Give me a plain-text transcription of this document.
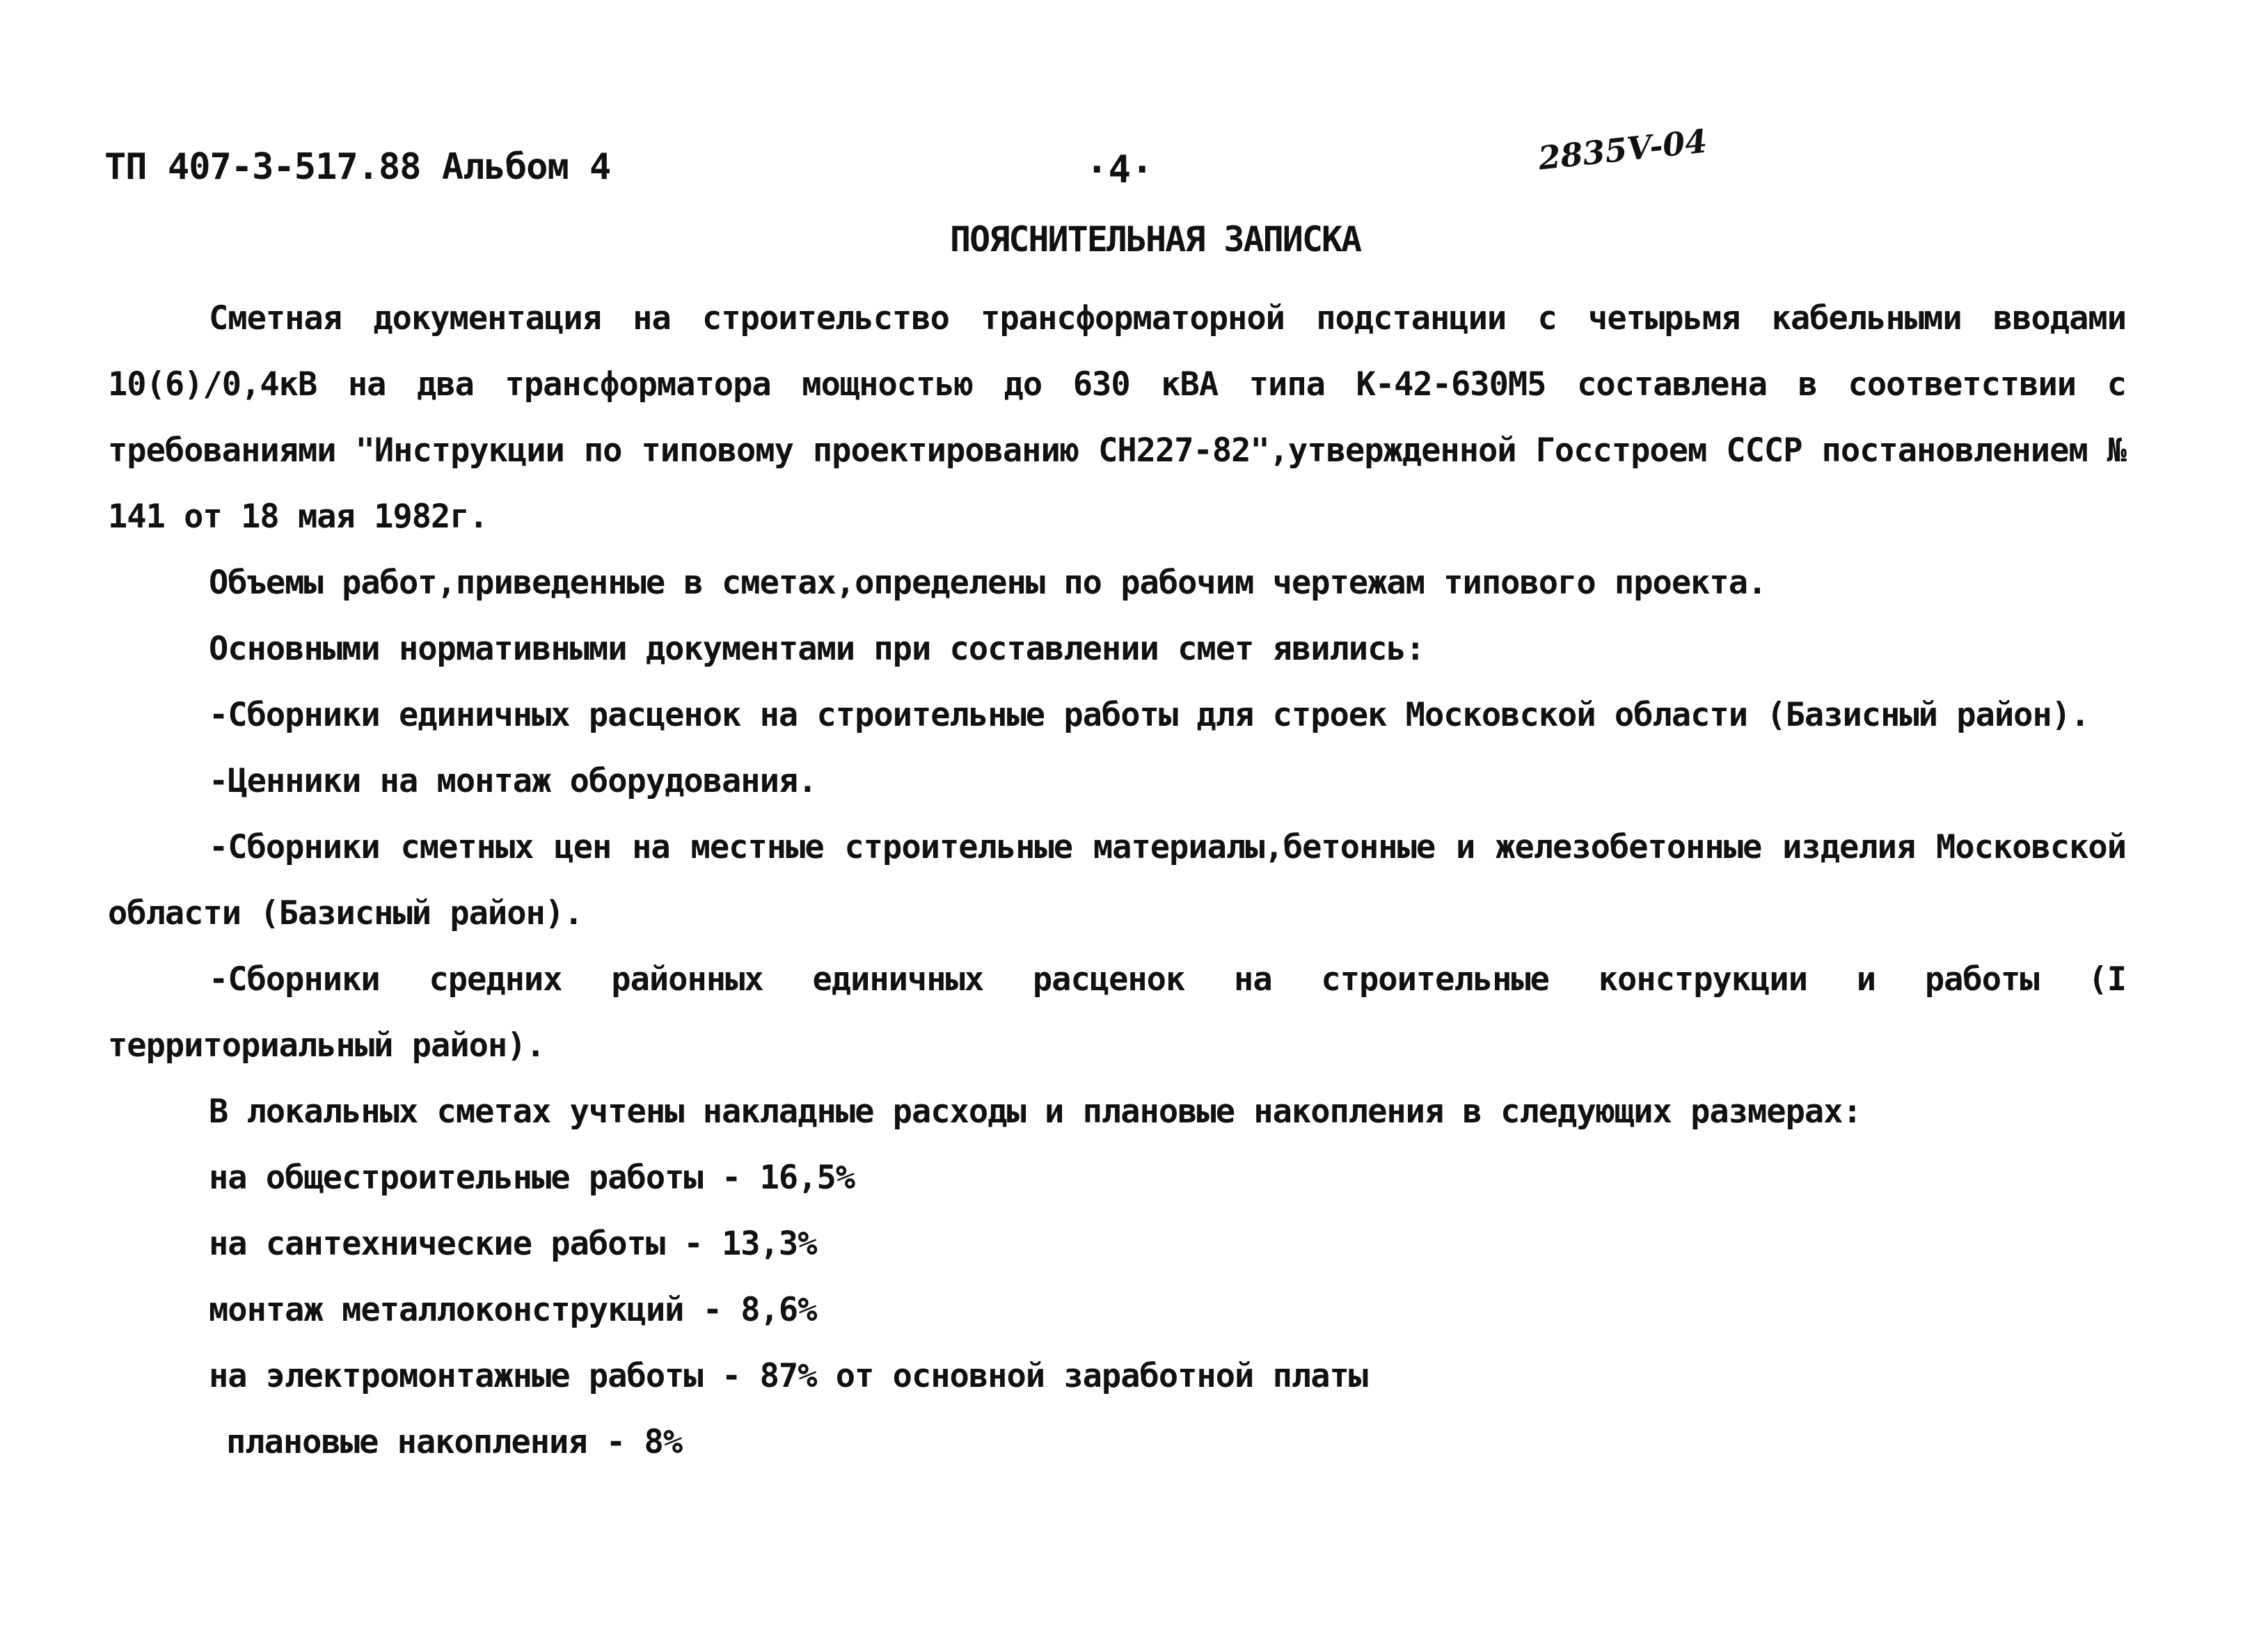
ТП 407-3-517.88 Альбом 4	·4·	2835V-04
ПОЯСНИТЕЛЬНАЯ ЗАПИСКА

Сметная документация на строительство трансформаторной подстанции с четырьмя кабельными вводами 10(6)/0,4кВ на два трансформатора мощностью до 630 кВА типа К-42-630М5 составлена в соответствии с требованиями "Инструкции по типовому проектированию СН227-82",утвержденной Госстроем СССР постановлением № 141 от 18 мая 1982г.

Объемы работ,приведенные в сметах,определены по рабочим чертежам типового проекта.

Основными нормативными документами при составлении смет явились:

-Сборники единичных расценок на строительные работы для строек Московской области (Базисный район).

-Ценники на монтаж оборудования.

-Сборники сметных цен на местные строительные материалы,бетонные и железобетонные изделия Московской области (Базисный район).

-Сборники средних районных единичных расценок на строительные конструкции и работы (I территориальный район).

В локальных сметах учтены накладные расходы и плановые накопления в следующих размерах:

на общестроительные работы - 16,5%

на сантехнические работы - 13,3%

монтаж металлоконструкций - 8,6%

на электромонтажные работы - 87% от основной заработной платы

плановые накопления - 8%
